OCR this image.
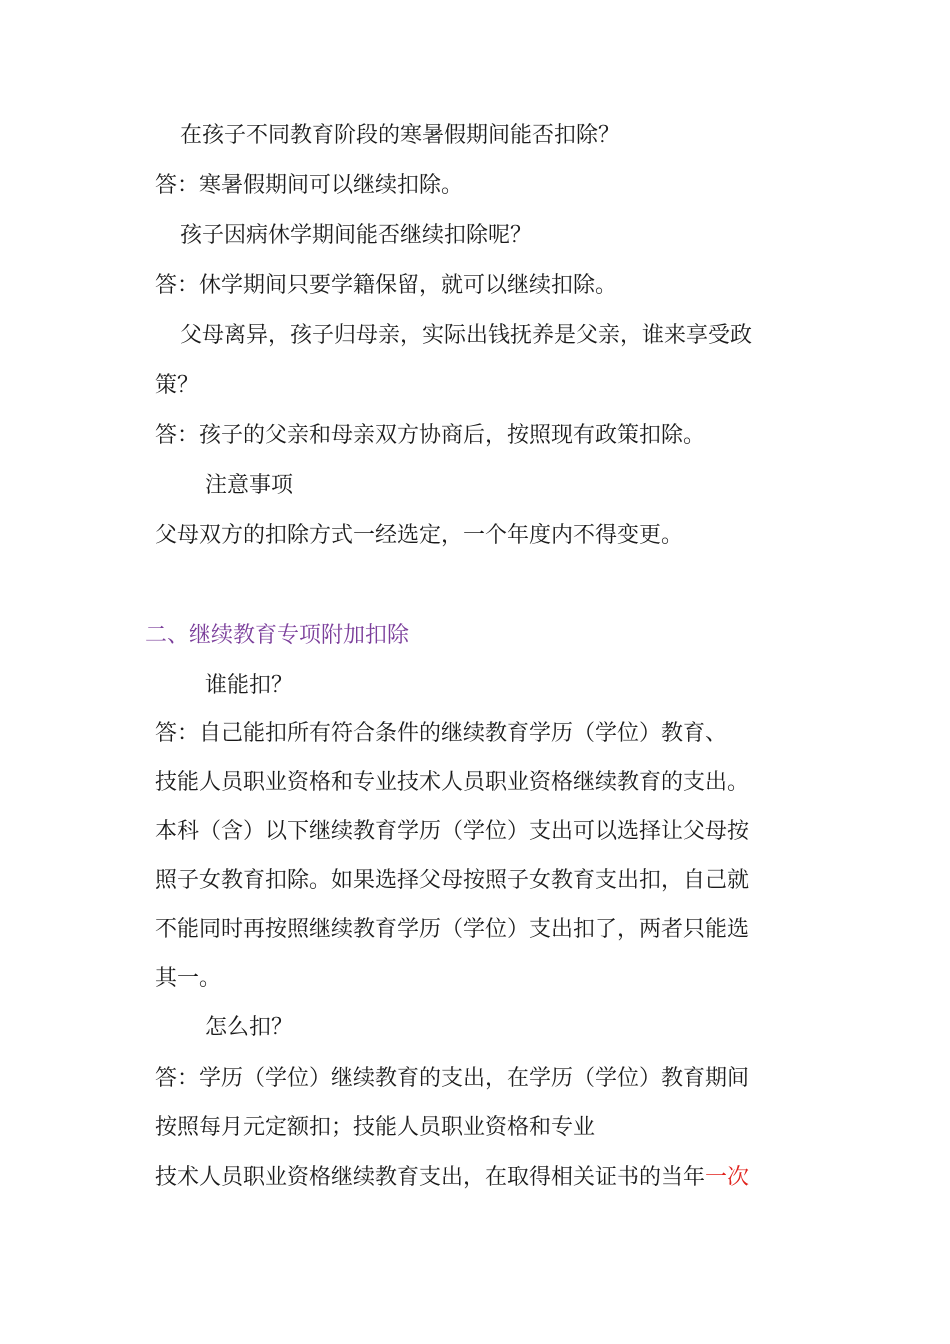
在孩子不同教育阶段的寒暑假期间能否扣除？
答：寒暑假期间可以继续扣除。
孩子因病休学期间能否继续扣除呢？
答：休学期间只要学籍保留，就可以继续扣除。
父母离异，孩子归母亲，实际出钱抚养是父亲，谁来享受政
策？
答：孩子的父亲和母亲双方协商后，按照现有政策扣除。
注意事项
父母双方的扣除方式一经选定，一个年度内不得变更。
二、继续教育专项附加扣除
谁能扣？
答：自己能扣所有符合条件的继续教育学历（学位）教育、
技能人员职业资格和专业技术人员职业资格继续教育的支出。
本科（含）以下继续教育学历（学位）支出可以选择让父母按
照子女教育扣除。如果选择父母按照子女教育支出扣，自己就
不能同时再按照继续教育学历（学位）支出扣了，两者只能选
其一。
怎么扣？
答：学历（学位）继续教育的支出，在学历（学位）教育期间
按照每月元定额扣；技能人员职业资格和专业
技术人员职业资格继续教育支出，在取得相关证书的当年一次
